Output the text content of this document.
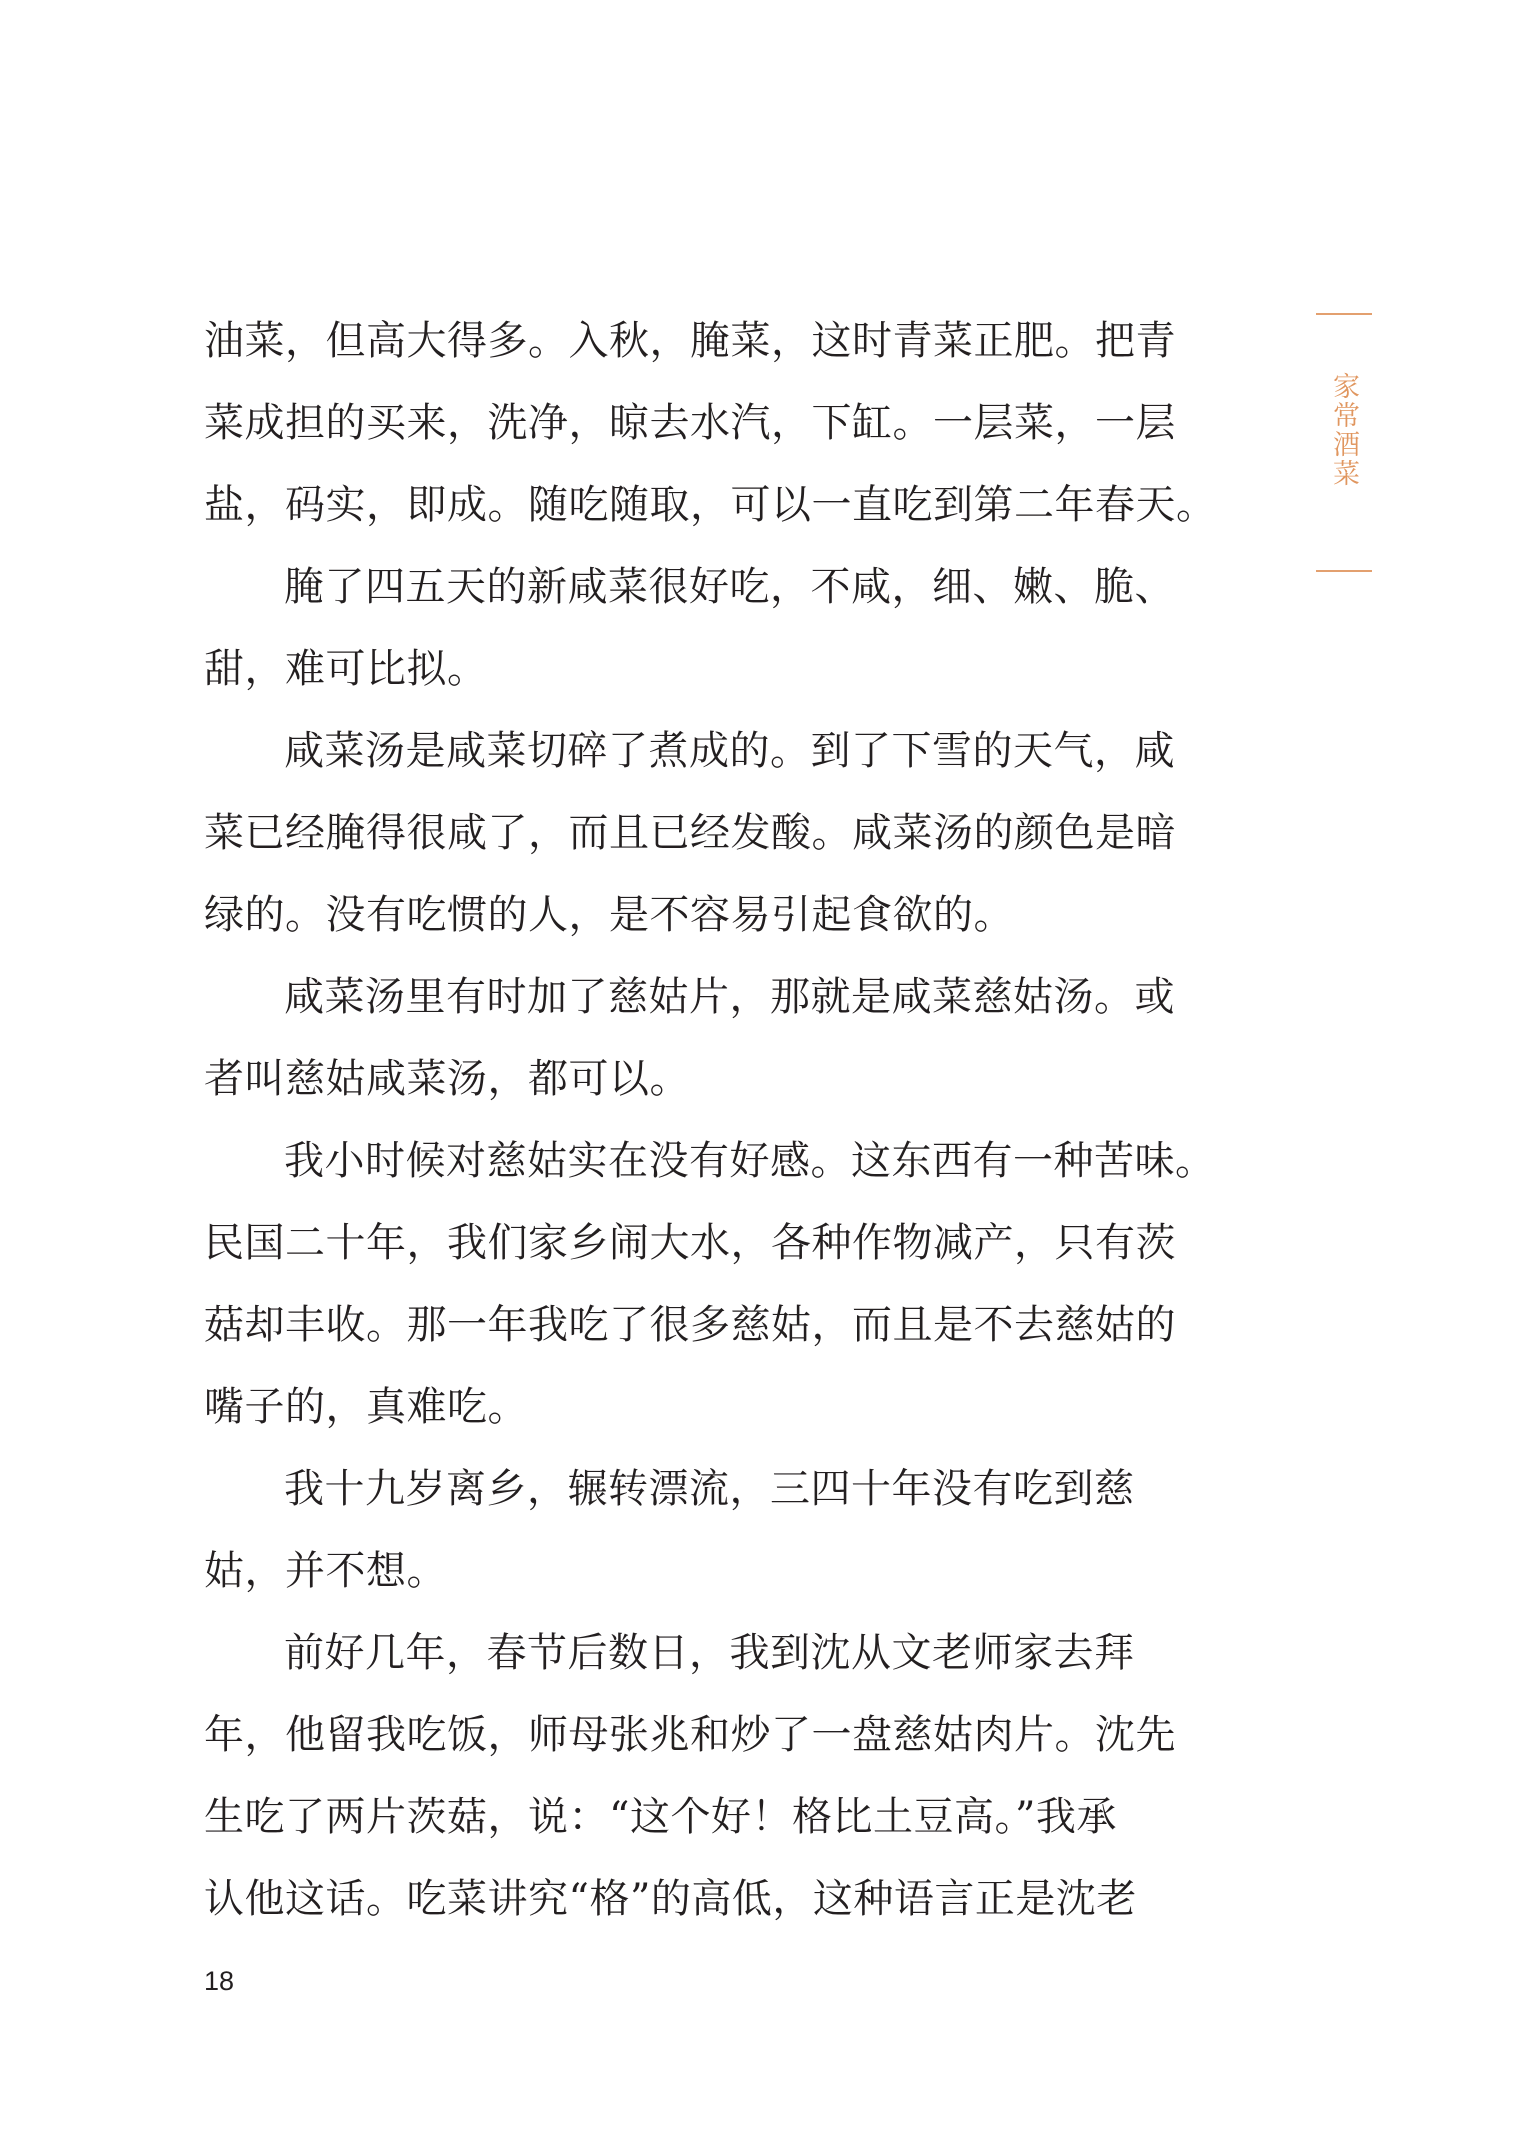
家常酒菜
油菜，但高大得多。入秋，腌菜，这时青菜正肥。把青
菜成担的买来，洗净，晾去水汽，下缸。一层菜，一层
盐，码实，即成。随吃随取，可以一直吃到第二年春天。
腌了四五天的新咸菜很好吃，不咸，细、嫩、脆、
甜，难可比拟。
咸菜汤是咸菜切碎了煮成的。到了下雪的天气，咸
菜已经腌得很咸了，而且已经发酸。咸菜汤的颜色是暗
绿的。没有吃惯的人，是不容易引起食欲的。
咸菜汤里有时加了慈姑片，那就是咸菜慈姑汤。或
者叫慈姑咸菜汤，都可以。
我小时候对慈姑实在没有好感。这东西有一种苦味。
民国二十年，我们家乡闹大水，各种作物减产，只有茨
菇却丰收。那一年我吃了很多慈姑，而且是不去慈姑的
嘴子的，真难吃。
我十九岁离乡，辗转漂流，三四十年没有吃到慈
姑，并不想。
前好几年，春节后数日，我到沈从文老师家去拜
年，他留我吃饭，师母张兆和炒了一盘慈姑肉片。沈先
生吃了两片茨菇，说：“这个好！格比土豆高。”我承
认他这话。吃菜讲究“格”的高低，这种语言正是沈老
18
